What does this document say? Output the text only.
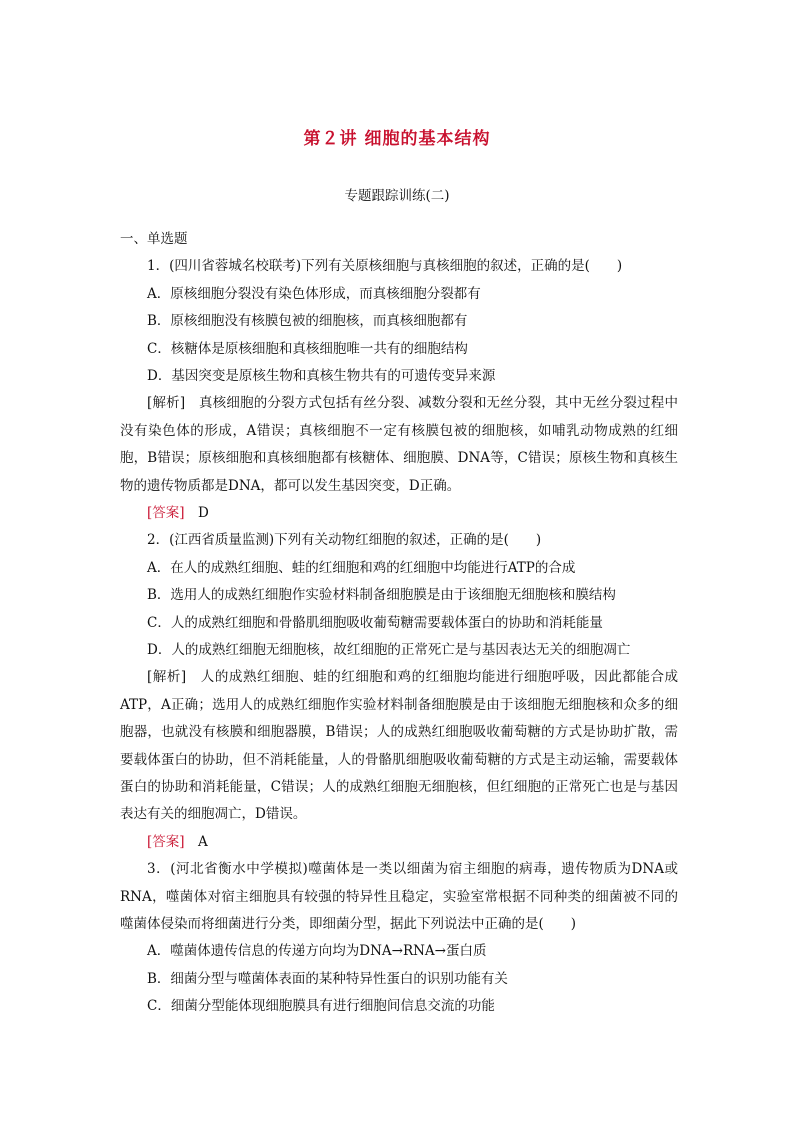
第２讲 细胞的基本结构
专题跟踪训练(二)
一、单选题
1．(四川省蓉城名校联考)下列有关原核细胞与真核细胞的叙述，正确的是(　　)
A．原核细胞分裂没有染色体形成，而真核细胞分裂都有
B．原核细胞没有核膜包被的细胞核，而真核细胞都有
C．核糖体是原核细胞和真核细胞唯一共有的细胞结构
D．基因突变是原核生物和真核生物共有的可遗传变异来源
[解析]　真核细胞的分裂方式包括有丝分裂、减数分裂和无丝分裂，其中无丝分裂过程中没有染色体的形成，A错误；真核细胞不一定有核膜包被的细胞核，如哺乳动物成熟的红细胞，B错误；原核细胞和真核细胞都有核糖体、细胞膜、DNA等，C错误；原核生物和真核生物的遗传物质都是DNA，都可以发生基因突变，D正确。
[答案]　D
2．(江西省质量监测)下列有关动物红细胞的叙述，正确的是(　　)
A．在人的成熟红细胞、蛙的红细胞和鸡的红细胞中均能进行ATP的合成
B．选用人的成熟红细胞作实验材料制备细胞膜是由于该细胞无细胞核和膜结构
C．人的成熟红细胞和骨骼肌细胞吸收葡萄糖需要载体蛋白的协助和消耗能量
D．人的成熟红细胞无细胞核，故红细胞的正常死亡是与基因表达无关的细胞凋亡
[解析]　人的成熟红细胞、蛙的红细胞和鸡的红细胞均能进行细胞呼吸，因此都能合成ATP，A正确；选用人的成熟红细胞作实验材料制备细胞膜是由于该细胞无细胞核和众多的细胞器，也就没有核膜和细胞器膜，B错误；人的成熟红细胞吸收葡萄糖的方式是协助扩散，需要载体蛋白的协助，但不消耗能量，人的骨骼肌细胞吸收葡萄糖的方式是主动运输，需要载体蛋白的协助和消耗能量，C错误；人的成熟红细胞无细胞核，但红细胞的正常死亡也是与基因表达有关的细胞凋亡，D错误。
[答案]　A
3．(河北省衡水中学模拟)噬菌体是一类以细菌为宿主细胞的病毒，遗传物质为DNA或RNA，噬菌体对宿主细胞具有较强的特异性且稳定，实验室常根据不同种类的细菌被不同的噬菌体侵染而将细菌进行分类，即细菌分型，据此下列说法中正确的是(　　)
A．噬菌体遗传信息的传递方向均为DNA→RNA→蛋白质
B．细菌分型与噬菌体表面的某种特异性蛋白的识别功能有关
C．细菌分型能体现细胞膜具有进行细胞间信息交流的功能
